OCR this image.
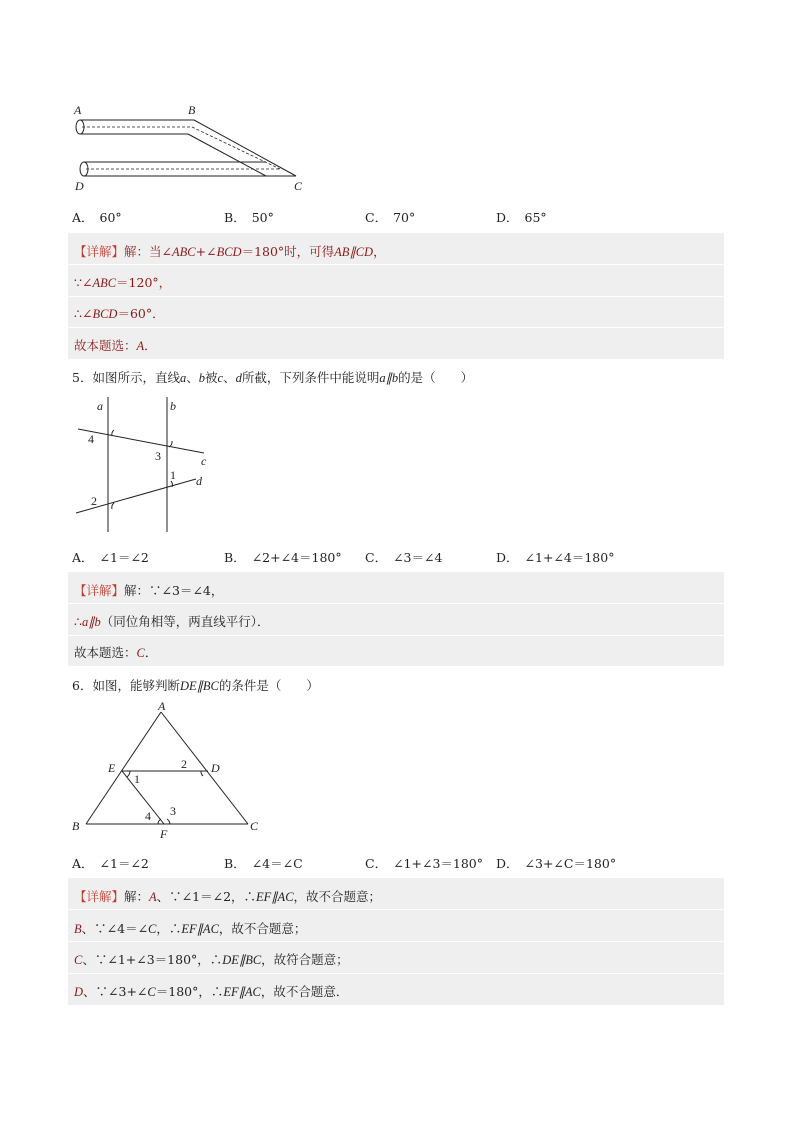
A	B
D	C
A． 60°	B． 50°	C． 70°	D． 65°
【详解】解：当∠ABC+∠BCD＝180°时，可得AB∥CD，
∵∠ABC＝120°，
∴∠BCD＝60°．
故本题选：A．
5．如图所示，直线a、b被c、d所截，下列条件中能说明a∥b的是（　　）
a	b
c
d
4
3
1
2
A． ∠1＝∠2	B． ∠2+∠4＝180° C． ∠3＝∠4	D． ∠1+∠4＝180°
【详解】解：∵∠3＝∠4，
∴a∥b（同位角相等，两直线平行）．
故本题选：C．
6．如图，能够判断DE∥BC的条件是（　　）
A
E	D
B
F
C
1
2
3
4
A． ∠1＝∠2	B． ∠4＝∠C	C． ∠1+∠3＝180° D． ∠3+∠C＝180°
【详解】解：A、∵∠1＝∠2，∴EF∥AC，故不合题意；
B、∵∠4＝∠C，∴EF∥AC，故不合题意；
C、∵∠1+∠3＝180°，∴DE∥BC，故符合题意；
D、∵∠3+∠C＝180°，∴EF∥AC，故不合题意．
